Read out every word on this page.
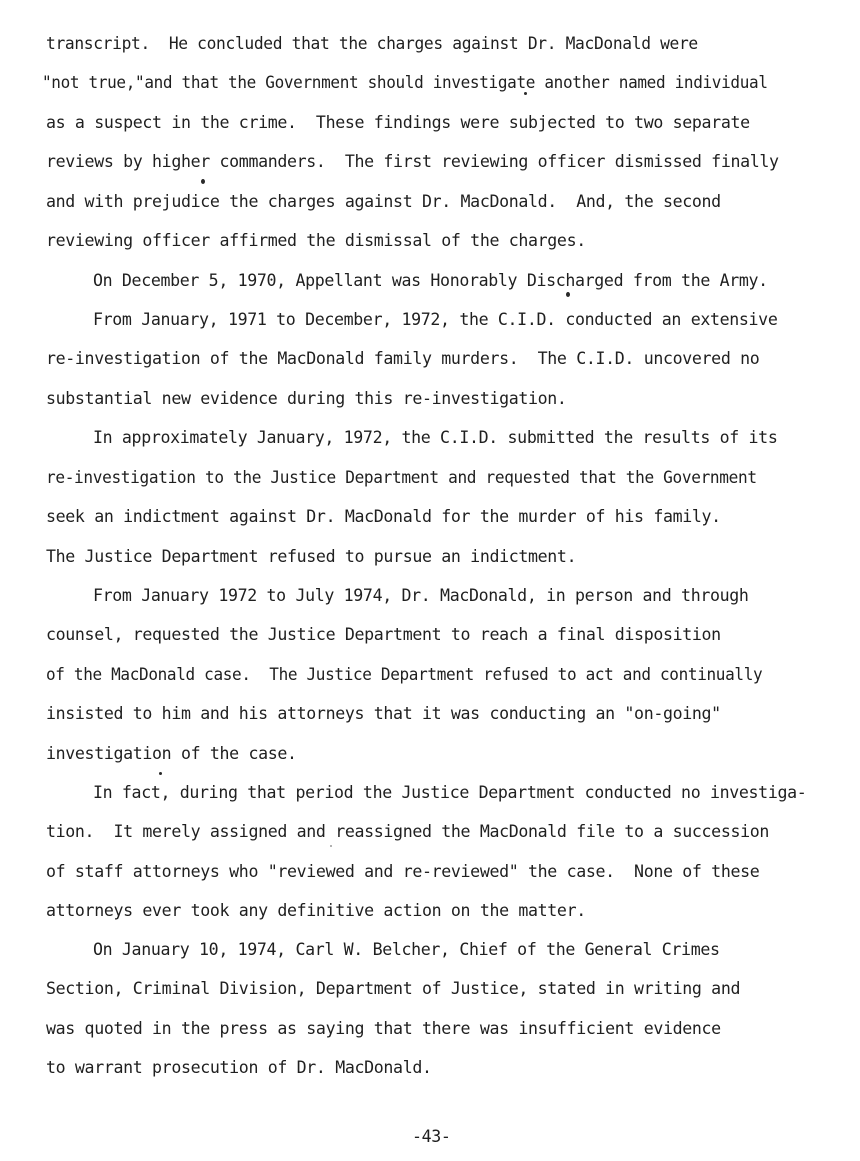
transcript.  He concluded that the charges against Dr. MacDonald were

"not true,"and that the Government should investigate another named individual

as a suspect in the crime.  These findings were subjected to two separate

reviews by higher commanders.  The first reviewing officer dismissed finally

and with prejudice the charges against Dr. MacDonald.  And, the second

reviewing officer affirmed the dismissal of the charges.

On December 5, 1970, Appellant was Honorably Discharged from the Army.

From January, 1971 to December, 1972, the C.I.D. conducted an extensive

re-investigation of the MacDonald family murders.  The C.I.D. uncovered no

substantial new evidence during this re-investigation.

In approximately January, 1972, the C.I.D. submitted the results of its

re-investigation to the Justice Department and requested that the Government

seek an indictment against Dr. MacDonald for the murder of his family.

The Justice Department refused to pursue an indictment.

From January 1972 to July 1974, Dr. MacDonald, in person and through

counsel, requested the Justice Department to reach a final disposition

of the MacDonald case.  The Justice Department refused to act and continually

insisted to him and his attorneys that it was conducting an "on-going"

investigation of the case.

In fact, during that period the Justice Department conducted no investiga-

tion.  It merely assigned and reassigned the MacDonald file to a succession

of staff attorneys who "reviewed and re-reviewed" the case.  None of these

attorneys ever took any definitive action on the matter.

On January 10, 1974, Carl W. Belcher, Chief of the General Crimes

Section, Criminal Division, Department of Justice, stated in writing and

was quoted in the press as saying that there was insufficient evidence

to warrant prosecution of Dr. MacDonald.

-43-
